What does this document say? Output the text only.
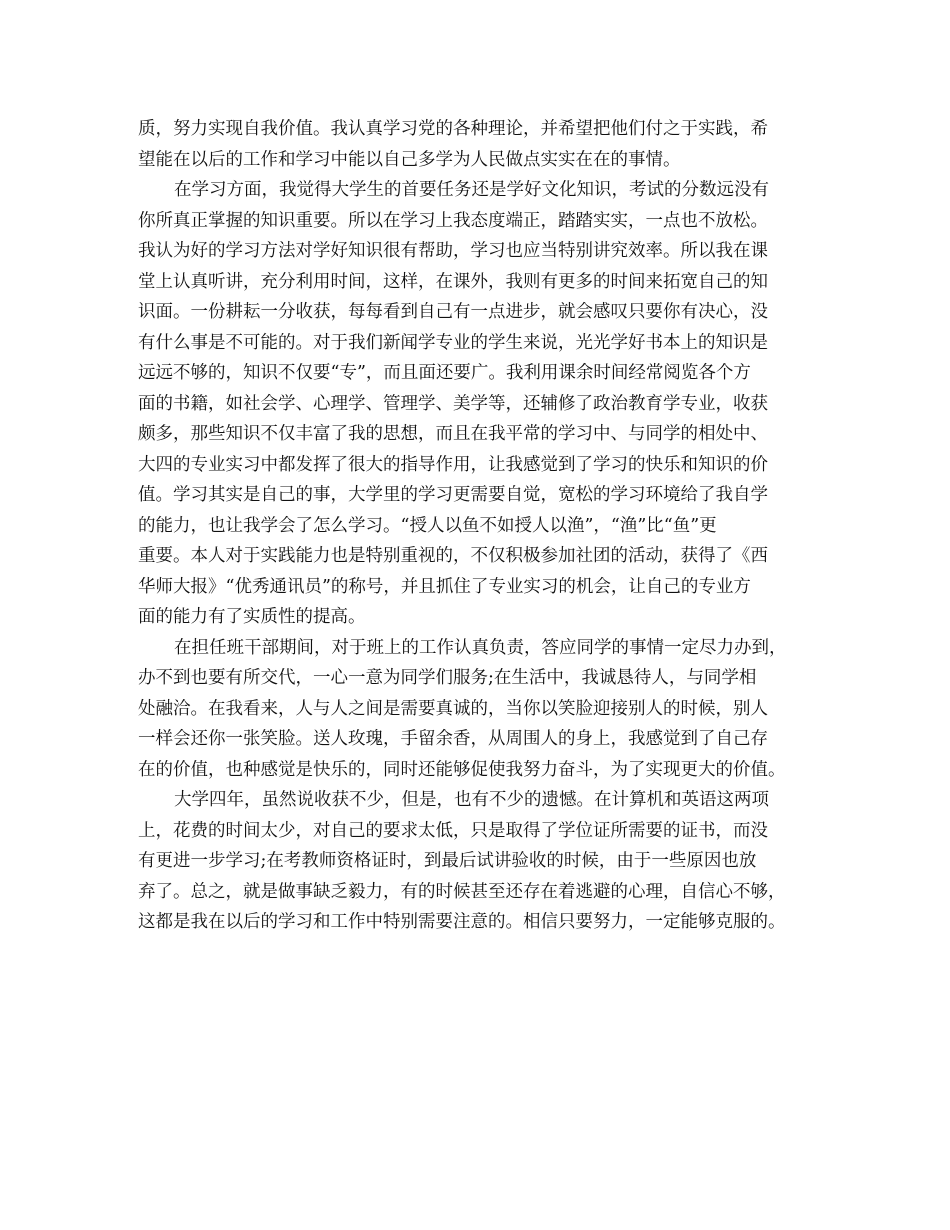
质，努力实现自我价值。我认真学习党的各种理论，并希望把他们付之于实践，希
望能在以后的工作和学习中能以自己多学为人民做点实实在在的事情。
在学习方面，我觉得大学生的首要任务还是学好文化知识，考试的分数远没有
你所真正掌握的知识重要。所以在学习上我态度端正，踏踏实实，一点也不放松。
我认为好的学习方法对学好知识很有帮助，学习也应当特别讲究效率。所以我在课
堂上认真听讲，充分利用时间，这样，在课外，我则有更多的时间来拓宽自己的知
识面。一份耕耘一分收获，每每看到自己有一点进步，就会感叹只要你有决心，没
有什么事是不可能的。对于我们新闻学专业的学生来说，光光学好书本上的知识是
远远不够的，知识不仅要“专”，而且面还要广。我利用课余时间经常阅览各个方
面的书籍，如社会学、心理学、管理学、美学等，还辅修了政治教育学专业，收获
颇多，那些知识不仅丰富了我的思想，而且在我平常的学习中、与同学的相处中、
大四的专业实习中都发挥了很大的指导作用，让我感觉到了学习的快乐和知识的价
值。学习其实是自己的事，大学里的学习更需要自觉，宽松的学习环境给了我自学
的能力，也让我学会了怎么学习。“授人以鱼不如授人以渔”，“渔”比“鱼”更
重要。本人对于实践能力也是特别重视的，不仅积极参加社团的活动，获得了《西
华师大报》“优秀通讯员”的称号，并且抓住了专业实习的机会，让自己的专业方
面的能力有了实质性的提高。
在担任班干部期间，对于班上的工作认真负责，答应同学的事情一定尽力办到，
办不到也要有所交代，一心一意为同学们服务;在生活中，我诚恳待人，与同学相
处融洽。在我看来，人与人之间是需要真诚的，当你以笑脸迎接别人的时候，别人
一样会还你一张笑脸。送人玫瑰，手留余香，从周围人的身上，我感觉到了自己存
在的价值，也种感觉是快乐的，同时还能够促使我努力奋斗，为了实现更大的价值。
大学四年，虽然说收获不少，但是，也有不少的遗憾。在计算机和英语这两项
上，花费的时间太少，对自己的要求太低，只是取得了学位证所需要的证书，而没
有更进一步学习;在考教师资格证时，到最后试讲验收的时候，由于一些原因也放
弃了。总之，就是做事缺乏毅力，有的时候甚至还存在着逃避的心理，自信心不够，
这都是我在以后的学习和工作中特别需要注意的。相信只要努力，一定能够克服的。
